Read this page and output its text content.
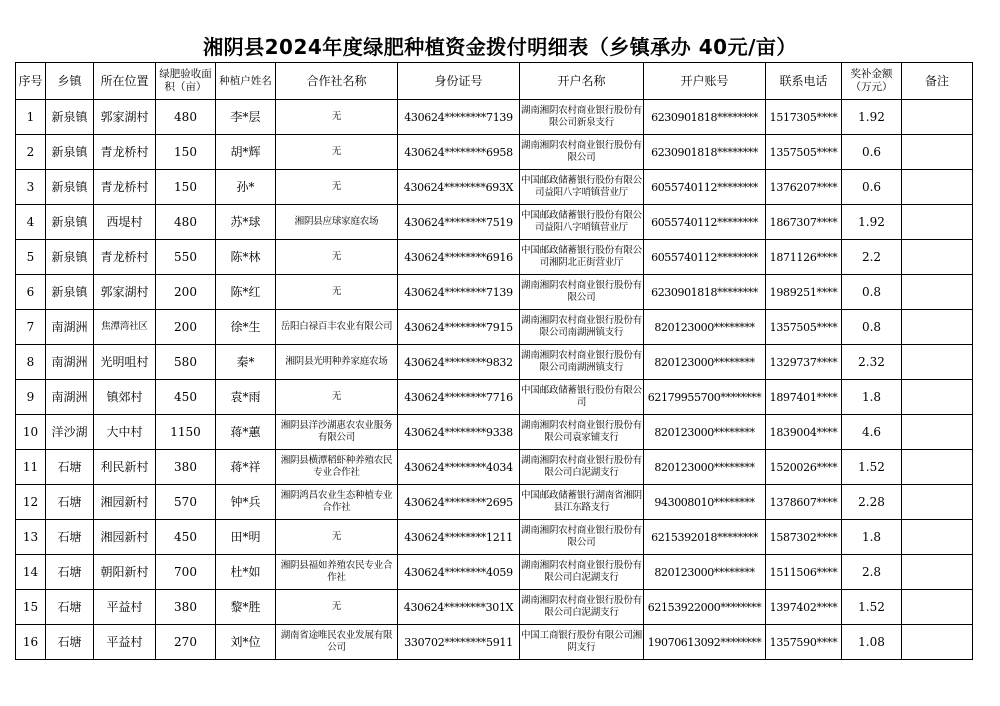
湘阴县2024年度绿肥种植资金拨付明细表（乡镇承办 40元/亩）
序号	乡镇	所在位置	绿肥验收面积（亩）	种植户姓名	合作社名称	身份证号	开户名称	开户账号	联系电话	奖补金额（万元）	备注
1	新泉镇	郭家湖村	480	李*层	无	430624********7139	湖南湘阴农村商业银行股份有限公司新泉支行	6230901818********	1517305****	1.92	
2	新泉镇	青龙桥村	150	胡*辉	无	430624********6958	湖南湘阴农村商业银行股份有限公司	6230901818********	1357505****	0.6	
3	新泉镇	青龙桥村	150	孙*	无	430624********693X	中国邮政储蓄银行股份有限公司益阳八字哨镇营业厅	6055740112********	1376207****	0.6	
4	新泉镇	西堤村	480	苏*球	湘阴县应球家庭农场	430624********7519	中国邮政储蓄银行股份有限公司益阳八字哨镇营业厅	6055740112********	1867307****	1.92	
5	新泉镇	青龙桥村	550	陈*林	无	430624********6916	中国邮政储蓄银行股份有限公司湘阴北正街营业厅	6055740112********	1871126****	2.2	
6	新泉镇	郭家湖村	200	陈*红	无	430624********7139	湖南湘阴农村商业银行股份有限公司	6230901818********	1989251****	0.8	
7	南湖洲	焦潭湾社区	200	徐*生	岳阳白禄百丰农业有限公司	430624********7915	湖南湘阴农村商业银行股份有限公司南湖洲镇支行	820123000********	1357505****	0.8	
8	南湖洲	光明咀村	580	秦*	湘阴县光明种养家庭农场	430624********9832	湖南湘阴农村商业银行股份有限公司南湖洲镇支行	820123000********	1329737****	2.32	
9	南湖洲	镇郊村	450	袁*雨	无	430624********7716	中国邮政储蓄银行股份有限公司	62179955700********	1897401****	1.8	
10	洋沙湖	大中村	1150	蒋*蕙	湘阴县洋沙湖惠农农业服务有限公司	430624********9338	湖南湘阴农村商业银行股份有限公司袁家铺支行	820123000********	1839004****	4.6	
11	石塘	利民新村	380	蒋*祥	湘阴县横潭稻虾种养殖农民专业合作社	430624********4034	湖南湘阴农村商业银行股份有限公司白泥湖支行	820123000********	1520026****	1.52	
12	石塘	湘园新村	570	钟*兵	湘阴鸿昌农业生态种植专业合作社	430624********2695	中国邮政储蓄银行湖南省湘阴县江东路支行	943008010********	1378607****	2.28	
13	石塘	湘园新村	450	田*明	无	430624********1211	湖南湘阴农村商业银行股份有限公司	6215392018********	1587302****	1.8	
14	石塘	朝阳新村	700	杜*如	湘阴县福如养殖农民专业合作社	430624********4059	湖南湘阴农村商业银行股份有限公司白泥湖支行	820123000********	1511506****	2.8	
15	石塘	平益村	380	黎*胜	无	430624********301X	湖南湘阴农村商业银行股份有限公司白泥湖支行	62153922000********	1397402****	1.52	
16	石塘	平益村	270	刘*位	湖南省途唯民农业发展有限公司	330702********5911	中国工商银行股份有限公司湘阴支行	19070613092********	1357590****	1.08	
